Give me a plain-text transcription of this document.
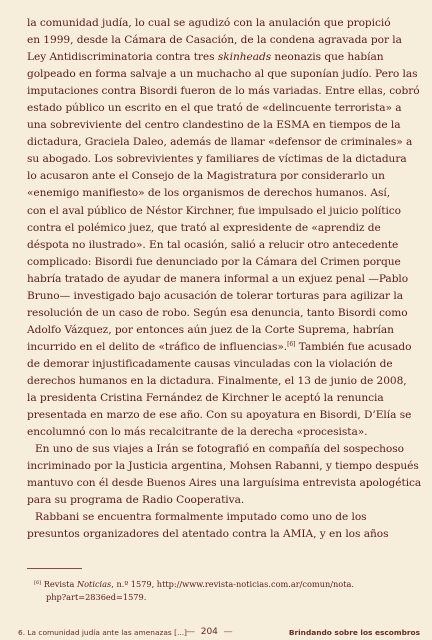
la comunidad judía, lo cual se agudizó con la anulación que propició
en 1999, desde la Cámara de Casación, de la condena agravada por la
Ley Antidiscriminatoria contra tres skinheads neonazis que habían
golpeado en forma salvaje a un muchacho al que suponían judío. Pero las
imputaciones contra Bisordi fueron de lo más variadas. Entre ellas, cobró
estado público un escrito en el que trató de «delincuente terrorista» a
una sobreviviente del centro clandestino de la ESMA en tiempos de la
dictadura, Graciela Daleo, además de llamar «defensor de criminales» a
su abogado. Los sobrevivientes y familiares de víctimas de la dictadura
lo acusaron ante el Consejo de la Magistratura por considerarlo un
«enemigo manifiesto» de los organismos de derechos humanos. Así,
con el aval público de Néstor Kirchner, fue impulsado el juicio político
contra el polémico juez, que trató al expresidente de «aprendiz de
déspota no ilustrado». En tal ocasión, salió a relucir otro antecedente
complicado: Bisordi fue denunciado por la Cámara del Crimen porque
habría tratado de ayudar de manera informal a un exjuez penal —Pablo
Bruno— investigado bajo acusación de tolerar torturas para agilizar la
resolución de un caso de robo. Según esa denuncia, tanto Bisordi como
Adolfo Vázquez, por entonces aún juez de la Corte Suprema, habrían
incurrido en el delito de «tráfico de influencias».[6] También fue acusado
de demorar injustificadamente causas vinculadas con la violación de
derechos humanos en la dictadura. Finalmente, el 13 de junio de 2008,
la presidenta Cristina Fernández de Kirchner le aceptó la renuncia
presentada en marzo de ese año. Con su apoyatura en Bisordi, D’Elía se
encolumnó con lo más recalcitrante de la derecha «procesista».
En uno de sus viajes a Irán se fotografió en compañía del sospechoso
incriminado por la Justicia argentina, Mohsen Rabanni, y tiempo después
mantuvo con él desde Buenos Aires una larguísima entrevista apologética
para su programa de Radio Cooperativa.
Rabbani se encuentra formalmente imputado como uno de los
presuntos organizadores del atentado contra la AMIA, y en los años
[6] Revista Noticias, n.º 1579, http://www.revista-noticias.com.ar/comun/nota.
php?art=2836ed=1579.
6. La comunidad judía ante las amenazas [...] — 204 —	Brindando sobre los escombros
